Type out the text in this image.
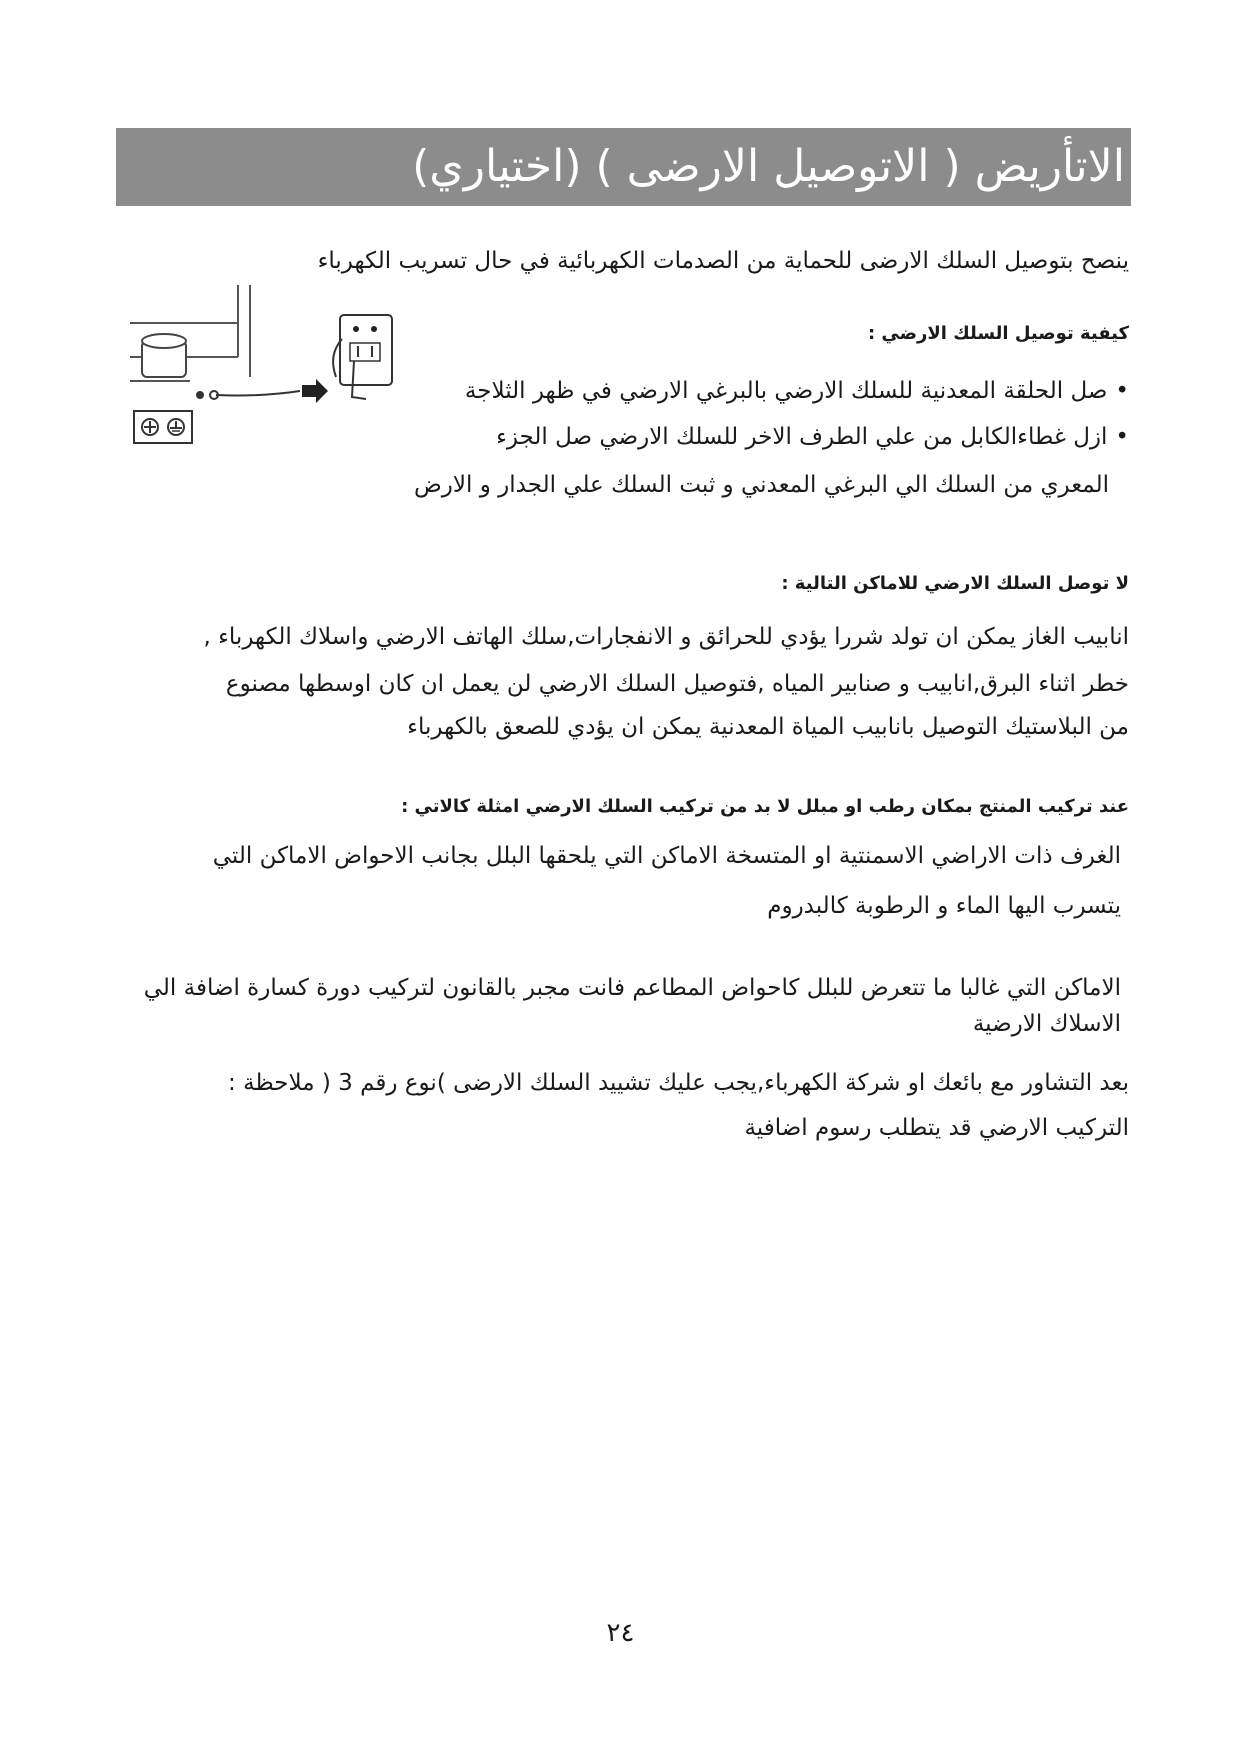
الاتأريض ( الاتوصيل الارضى ) (اختياري)
ينصح بتوصيل السلك الارضى للحماية من الصدمات الكهربائية في حال تسريب الكهرباء
كيفية توصيل السلك الارضي :
•صل الحلقة المعدنية للسلك الارضي بالبرغي الارضي في ظهر الثلاجة
•ازل غطاءالكابل من علي الطرف الاخر للسلك الارضي صل الجزء
المعري من السلك الي البرغي المعدني و ثبت السلك علي الجدار و الارض
لا توصل السلك الارضي للاماكن التالية :
انابيب الغاز يمكن ان تولد شررا يؤدي للحرائق و الانفجارات,سلك الهاتف الارضي واسلاك الكهرباء ,
خطر اثناء البرق,انابيب و صنابير المياه ,فتوصيل السلك الارضي لن يعمل ان كان اوسطها مصنوع
من البلاستيك التوصيل بانابيب المياة المعدنية يمكن ان يؤدي للصعق بالكهرباء
عند تركيب المنتج بمكان رطب او مبلل لا بد من تركيب السلك الارضي امثلة كالاتي :
الغرف ذات الاراضي الاسمنتية او المتسخة الاماكن التي يلحقها البلل بجانب الاحواض الاماكن التي
يتسرب اليها الماء و الرطوبة كالبدروم
الاماكن التي غالبا ما تتعرض للبلل كاحواض المطاعم فانت مجبر بالقانون لتركيب دورة كسارة اضافة الي
الاسلاك الارضية
بعد التشاور مع بائعك او شركة الكهرباء,يجب عليك تشييد السلك الارضى )نوع رقم 3 ( ملاحظة :
التركيب الارضي قد يتطلب رسوم اضافية
٢٤
